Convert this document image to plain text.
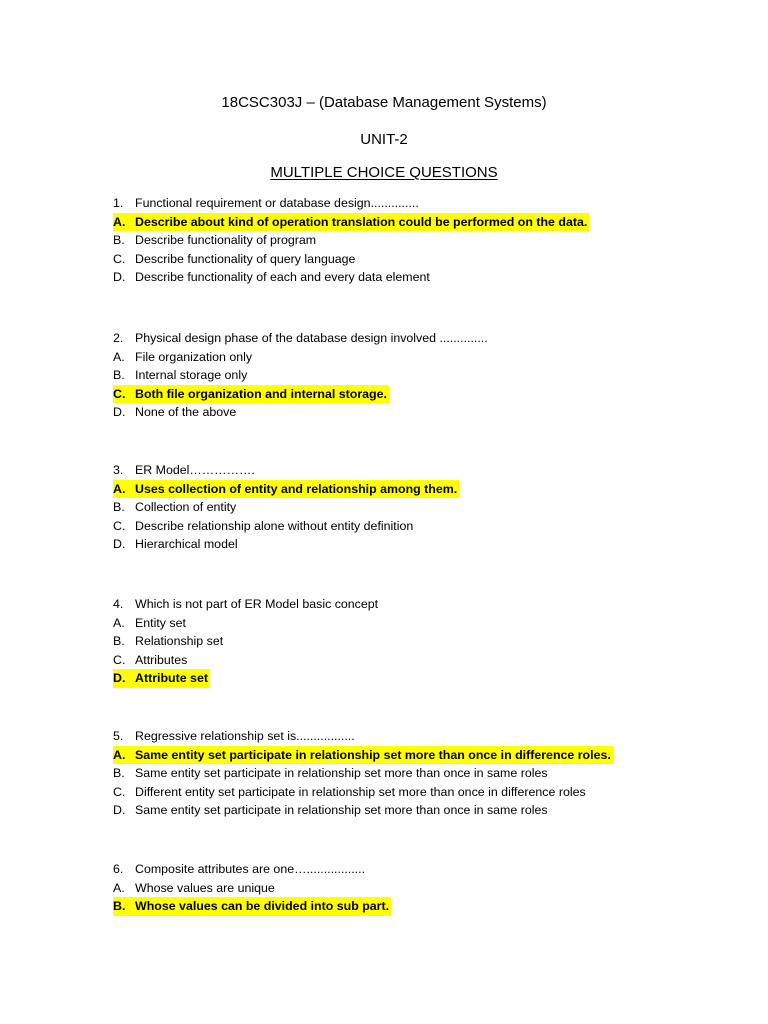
18CSC303J – (Database Management Systems)
UNIT-2
MULTIPLE CHOICE QUESTIONS
1. Functional requirement or database design..............
A. Describe about kind of operation translation could be performed on the data.
B. Describe functionality of program
C. Describe functionality of query language
D. Describe functionality of each and every data element
2. Physical design phase of the database design involved ..............
A. File organization only
B. Internal storage only
C. Both file organization and internal storage.
D. None of the above
3. ER Model…………….
A. Uses collection of entity and relationship among them.
B. Collection of entity
C. Describe relationship alone without entity definition
D. Hierarchical model
4. Which is not part of ER Model basic concept
A. Entity set
B. Relationship set
C. Attributes
D. Attribute set
5. Regressive relationship set is.................
A. Same entity set participate in relationship set more than once in difference roles.
B. Same entity set participate in relationship set more than once in same roles
C. Different entity set participate in relationship set more than once in difference roles
D. Same entity set participate in relationship set more than once in same roles
6. Composite attributes are one….................
A. Whose values are unique
B. Whose values can be divided into sub part.
